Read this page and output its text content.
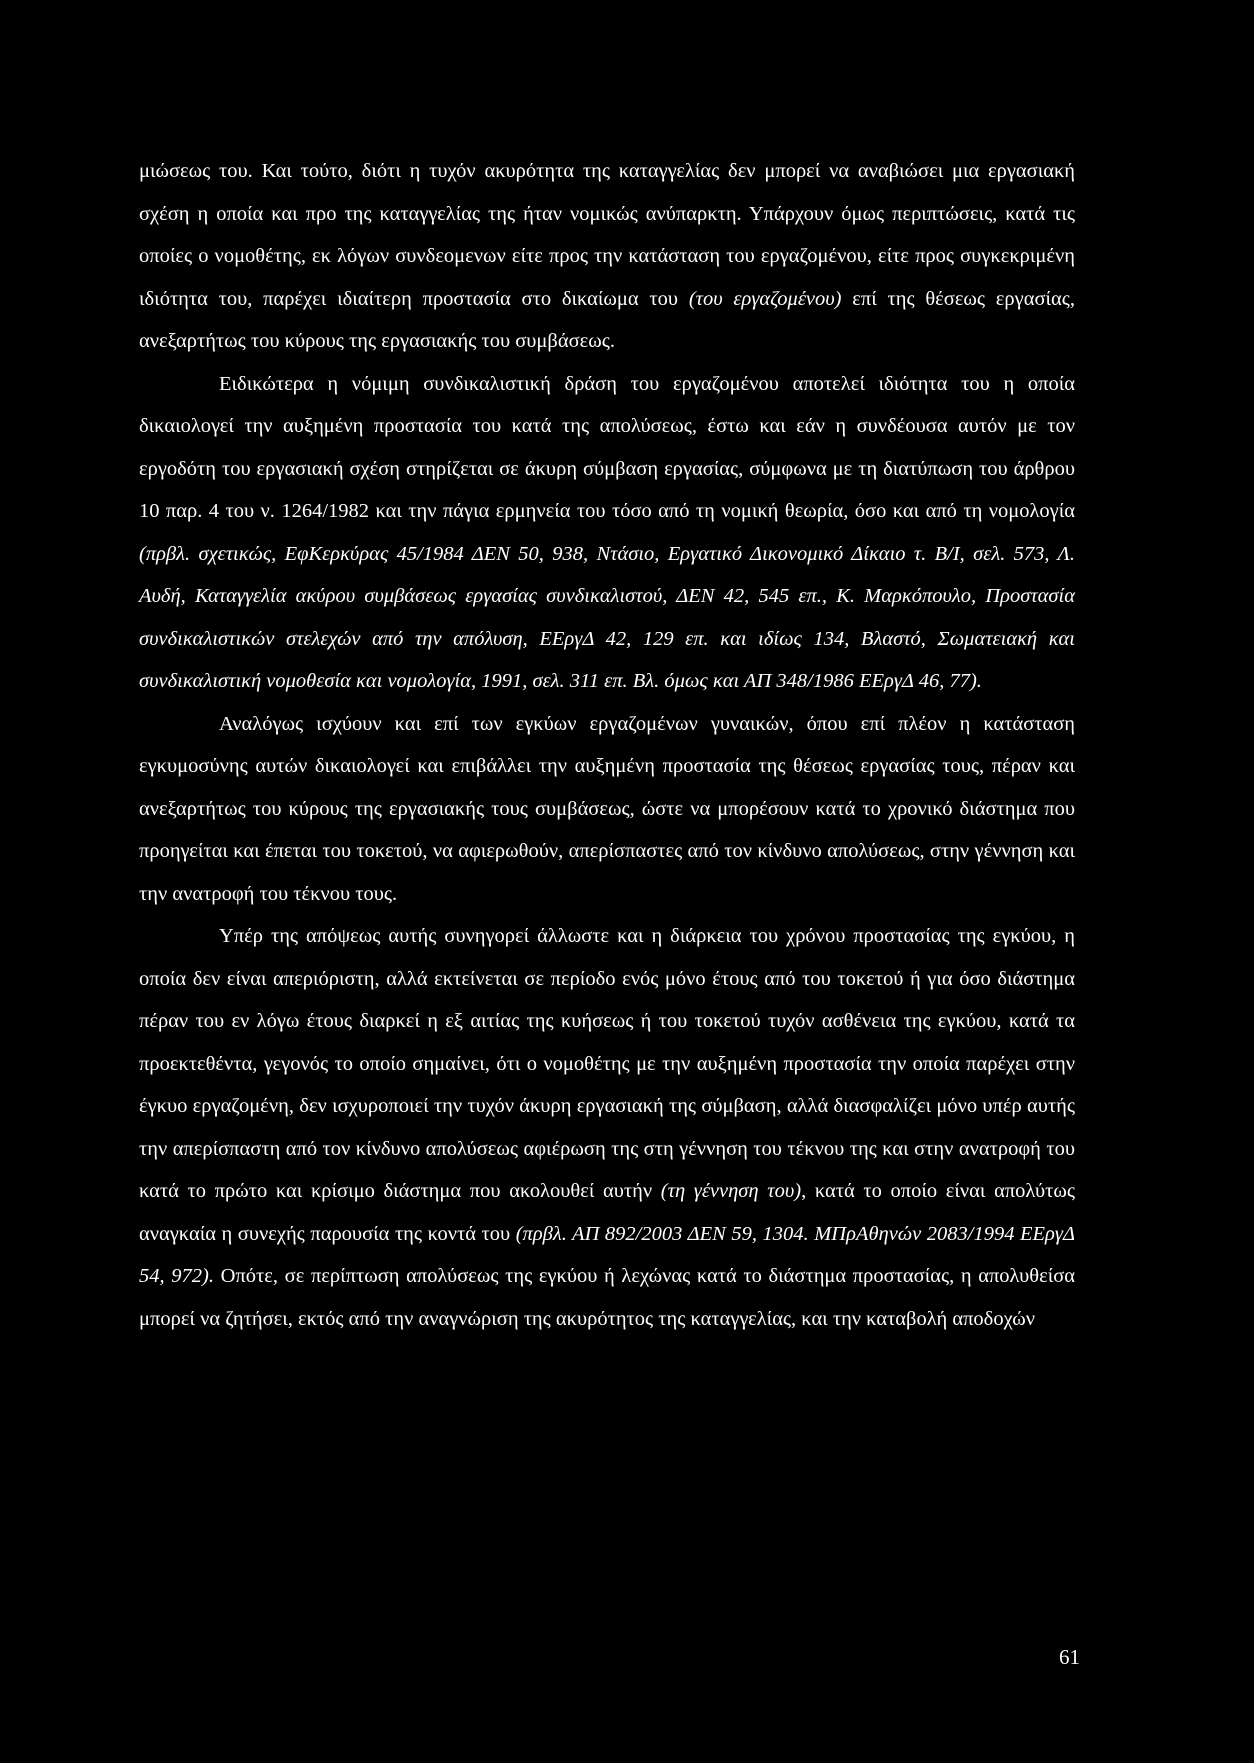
μιώσεως του. Και τούτο, διότι η τυχόν ακυρότητα της καταγγελίας δεν μπορεί να αναβιώσει μια εργασιακή σχέση η οποία και προ της καταγγελίας της ήταν νομικώς ανύπαρκτη. Υπάρχουν όμως περιπτώσεις, κατά τις οποίες ο νομοθέτης, εκ λόγων συνδεομενων είτε προς την κατάσταση του εργαζομένου, είτε προς συγκεκριμένη ιδιότητα του, παρέχει ιδιαίτερη προστασία στο δικαίωμα του (του εργαζομένου) επί της θέσεως εργασίας, ανεξαρτήτως του κύρους της εργασιακής του συμβάσεως.

Ειδικώτερα η νόμιμη συνδικαλιστική δράση του εργαζομένου αποτελεί ιδιότητα του η οποία δικαιολογεί την αυξημένη προστασία του κατά της απολύσεως, έστω και εάν η συνδέουσα αυτόν με τον εργοδότη του εργασιακή σχέση στηρίζεται σε άκυρη σύμβαση εργασίας, σύμφωνα με τη διατύπωση του άρθρου 10 παρ. 4 του ν. 1264/1982 και την πάγια ερμηνεία του τόσο από τη νομική θεωρία, όσο και από τη νομολογία (πρβλ. σχετικώς, ΕφΚερκύρας 45/1984 ΔΕΝ 50, 938, Ντάσιο, Εργατικό Δικονομικό Δίκαιο τ. Β/Ι, σελ. 573, Λ. Αυδή, Καταγγελία ακύρου συμβάσεως εργασίας συνδικαλιστού, ΔΕΝ 42, 545 επ., Κ. Μαρκόπουλο, Προστασία συνδικαλιστικών στελεχών από την απόλυση, ΕΕργΔ 42, 129 επ. και ιδίως 134, Βλαστό, Σωματειακή και συνδικαλιστική νομοθεσία και νομολογία, 1991, σελ. 311 επ. Βλ. όμως και ΑΠ 348/1986 ΕΕργΔ 46, 77).

Αναλόγως ισχύουν και επί των εγκύων εργαζομένων γυναικών, όπου επί πλέον η κατάσταση εγκυμοσύνης αυτών δικαιολογεί και επιβάλλει την αυξημένη προστασία της θέσεως εργασίας τους, πέραν και ανεξαρτήτως του κύρους της εργασιακής τους συμβάσεως, ώστε να μπορέσουν κατά το χρονικό διάστημα που προηγείται και έπεται του τοκετού, να αφιερωθούν, απερίσπαστες από τον κίνδυνο απολύσεως, στην γέννηση και την ανατροφή του τέκνου τους.

Υπέρ της απόψεως αυτής συνηγορεί άλλωστε και η διάρκεια του χρόνου προστασίας της εγκύου, η οποία δεν είναι απεριόριστη, αλλά εκτείνεται σε περίοδο ενός μόνο έτους από του τοκετού ή για όσο διάστημα πέραν του εν λόγω έτους διαρκεί η εξ αιτίας της κυήσεως ή του τοκετού τυχόν ασθένεια της εγκύου, κατά τα προεκτεθέντα, γεγονός το οποίο σημαίνει, ότι ο νομοθέτης με την αυξημένη προστασία την οποία παρέχει στην έγκυο εργαζομένη, δεν ισχυροποιεί την τυχόν άκυρη εργασιακή της σύμβαση, αλλά διασφαλίζει μόνο υπέρ αυτής την απερίσπαστη από τον κίνδυνο απολύσεως αφιέρωση της στη γέννηση του τέκνου της και στην ανατροφή του κατά το πρώτο και κρίσιμο διάστημα που ακολουθεί αυτήν (τη γέννηση του), κατά το οποίο είναι απολύτως αναγκαία η συνεχής παρουσία της κοντά του (πρβλ. ΑΠ 892/2003 ΔΕΝ 59, 1304. ΜΠρΑθηνών 2083/1994 ΕΕργΔ 54, 972). Οπότε, σε περίπτωση απολύσεως της εγκύου ή λεχώνας κατά το διάστημα προστασίας, η απολυθείσα μπορεί να ζητήσει, εκτός από την αναγνώριση της ακυρότητος της καταγγελίας, και την καταβολή αποδοχών

61
